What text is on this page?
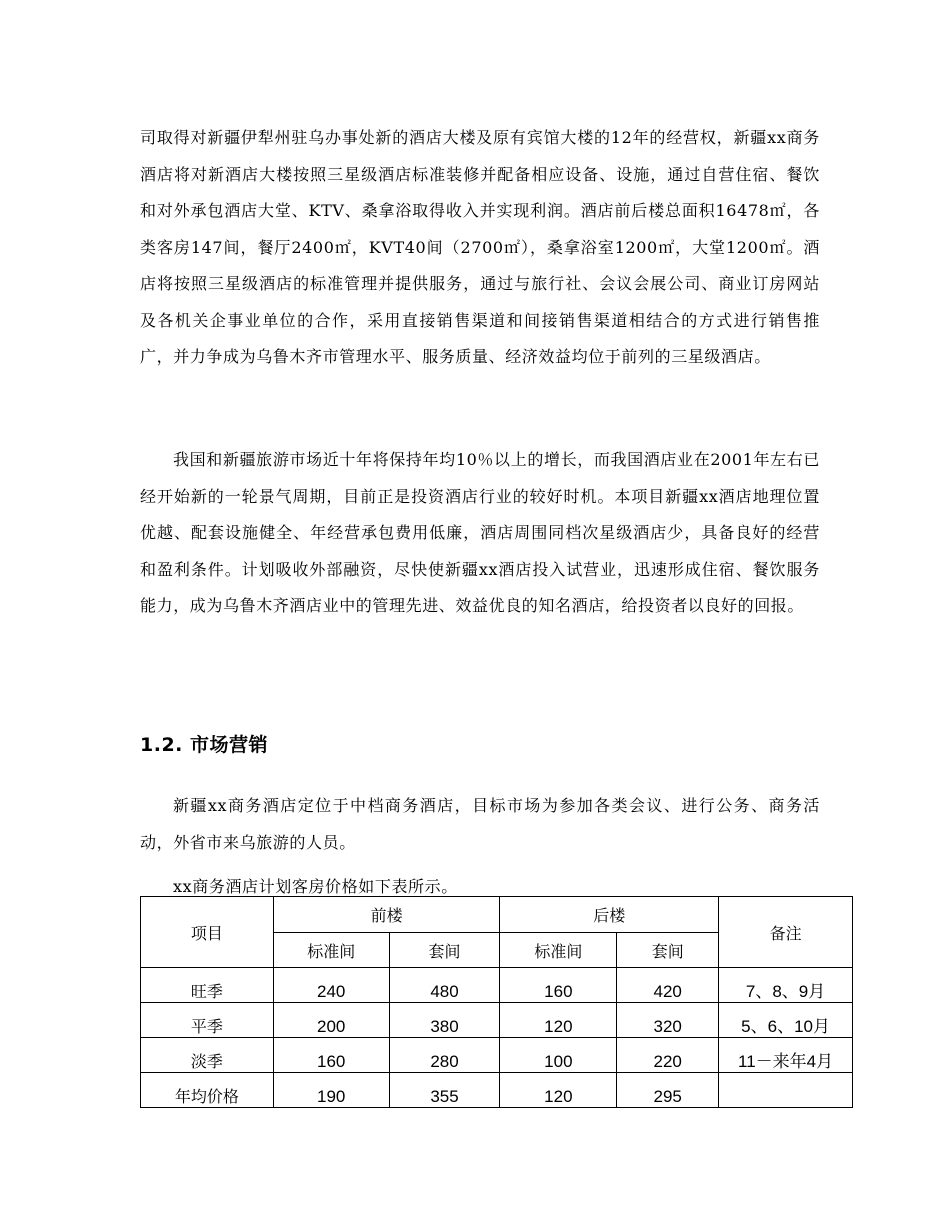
司取得对新疆伊犁州驻乌办事处新的酒店大楼及原有宾馆大楼的12年的经营权，新疆xx商务酒店将对新酒店大楼按照三星级酒店标准装修并配备相应设备、设施，通过自营住宿、餐饮和对外承包酒店大堂、KTV、桑拿浴取得收入并实现利润。酒店前后楼总面积16478㎡，各类客房147间，餐厅2400㎡，KVT40间（2700㎡），桑拿浴室1200㎡，大堂1200㎡。酒店将按照三星级酒店的标准管理并提供服务，通过与旅行社、会议会展公司、商业订房网站及各机关企事业单位的合作，采用直接销售渠道和间接销售渠道相结合的方式进行销售推广，并力争成为乌鲁木齐市管理水平、服务质量、经济效益均位于前列的三星级酒店。

我国和新疆旅游市场近十年将保持年均10％以上的增长，而我国酒店业在2001年左右已经开始新的一轮景气周期，目前正是投资酒店行业的较好时机。本项目新疆xx酒店地理位置优越、配套设施健全、年经营承包费用低廉，酒店周围同档次星级酒店少，具备良好的经营和盈利条件。计划吸收外部融资，尽快使新疆xx酒店投入试营业，迅速形成住宿、餐饮服务能力，成为乌鲁木齐酒店业中的管理先进、效益优良的知名酒店，给投资者以良好的回报。

1.2. 市场营销

新疆xx商务酒店定位于中档商务酒店，目标市场为参加各类会议、进行公务、商务活动，外省市来乌旅游的人员。

xx商务酒店计划客房价格如下表所示。

项目	前楼		后楼		备注
	标准间	套间	标准间	套间	
旺季	240	480	160	420	7、8、9月
平季	200	380	120	320	5、6、10月
淡季	160	280	100	220	11－来年4月
年均价格	190	355	120	295	
